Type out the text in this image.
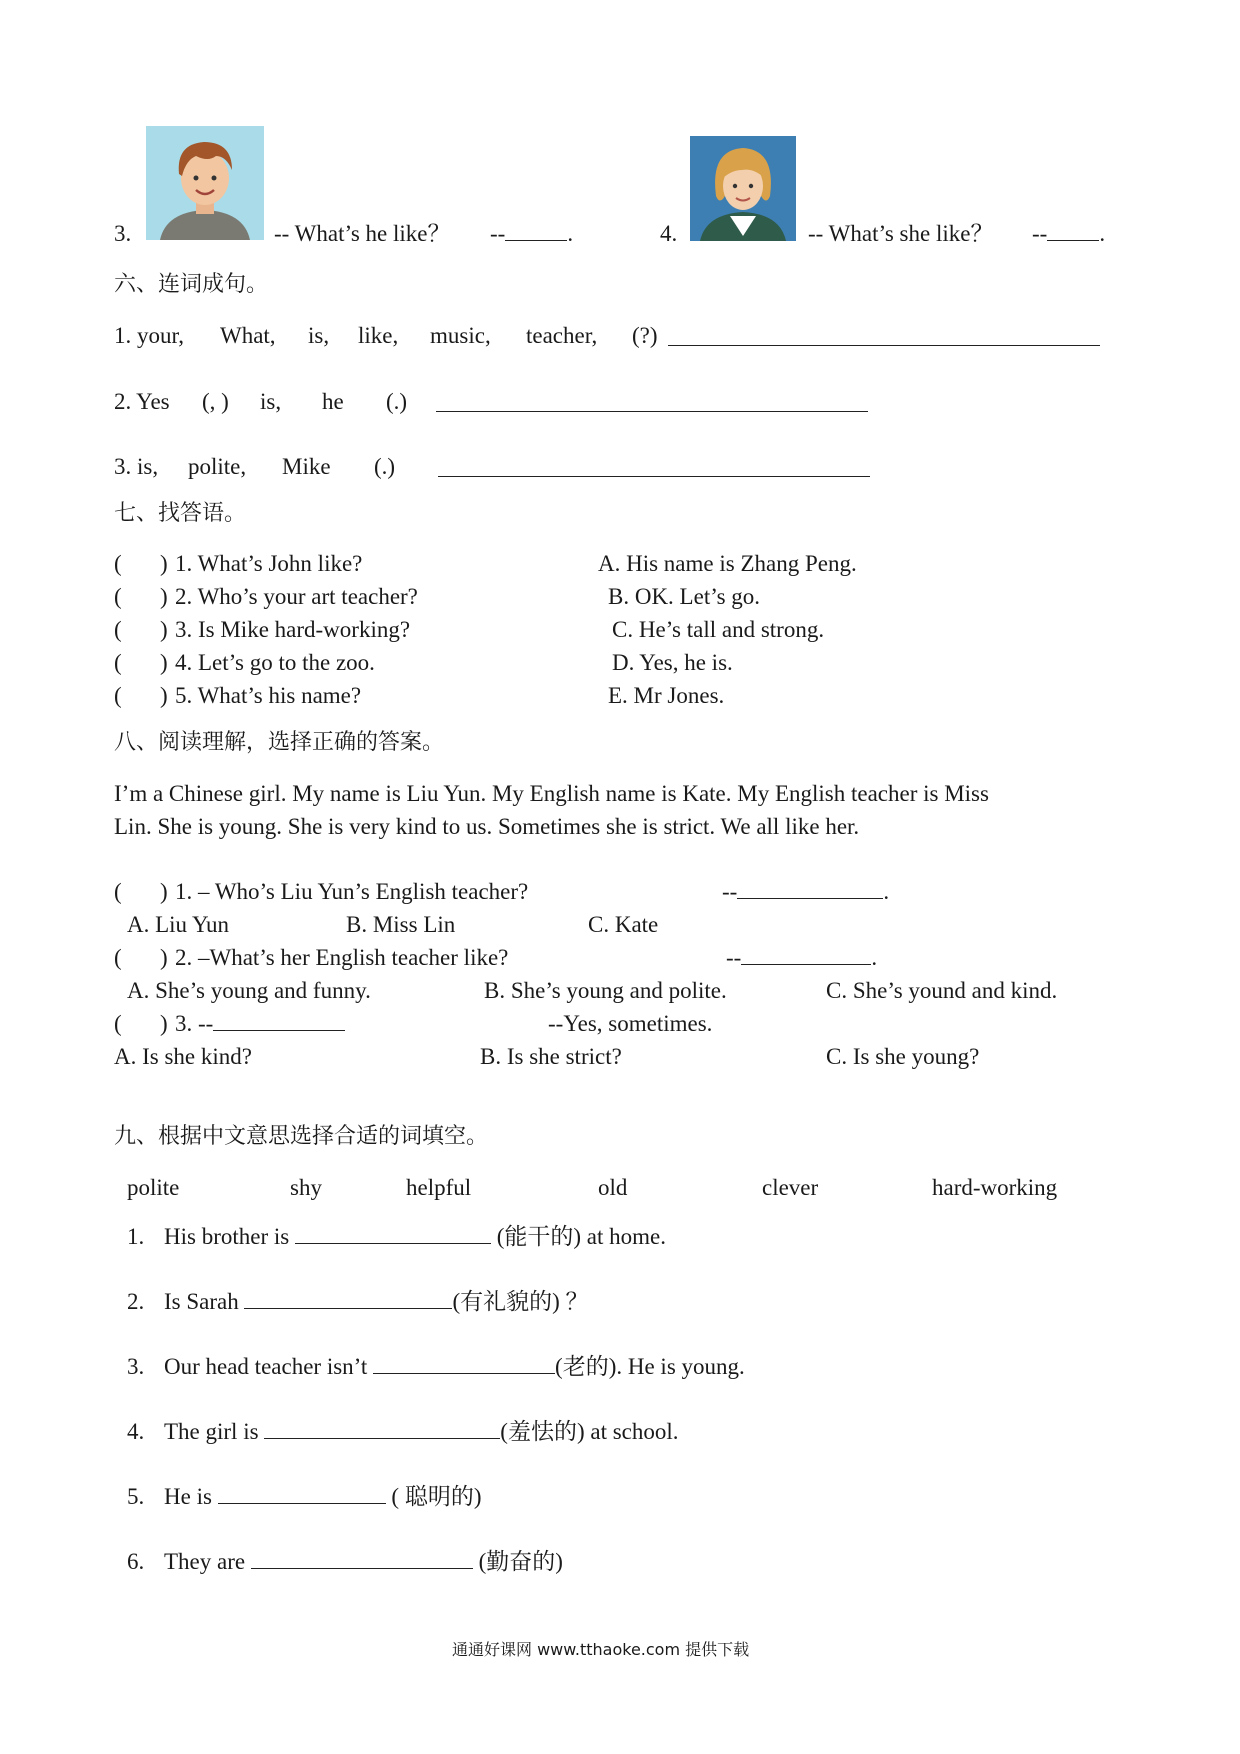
3.	-- What’s he like？ --	.	4.	-- What’s she like？ -- .
六、连词成句。
1. your, What, is, like, music, teacher, (?)
2. Yes (, ) is, he (.)
3. is, polite, Mike (.)
七、找答语。
( ) 1. What’s John like?	A. His name is Zhang Peng.
( ) 2. Who’s your art teacher?	B. OK. Let’s go.
( ) 3. Is Mike hard-working?	C. He’s tall and strong.
( ) 4. Let’s go to the zoo.	D. Yes, he is.
( ) 5. What’s his name?	E. Mr Jones.
八、阅读理解，选择正确的答案。
I’m a Chinese girl. My name is Liu Yun. My English name is Kate. My English teacher is Miss
Lin. She is young. She is very kind to us. Sometimes she is strict. We all like her.
( ) 1. – Who’s Liu Yun’s English teacher?	--	.
A. Liu Yun	B. Miss Lin	C. Kate
( ) 2. –What’s her English teacher like?	--	.
A. She’s young and funny.	B. She’s young and polite.	C. She’s yound and kind.
( ) 3. --	--Yes, sometimes.
A. Is she kind?	B. Is she strict?	C. Is she young?
九、根据中文意思选择合适的词填空。
polite	shy	helpful	old	clever	hard-working
1. His brother is	(能干的) at home.
2. Is Sarah	(有礼貌的) ？
3. Our head teacher isn’t	(老的). He is young.
4. The girl is	(羞怯的) at school.
5. He is	( 聪明的)
6. They are	(勤奋的)
通通好课网 www.tthaoke.com 提供下载
